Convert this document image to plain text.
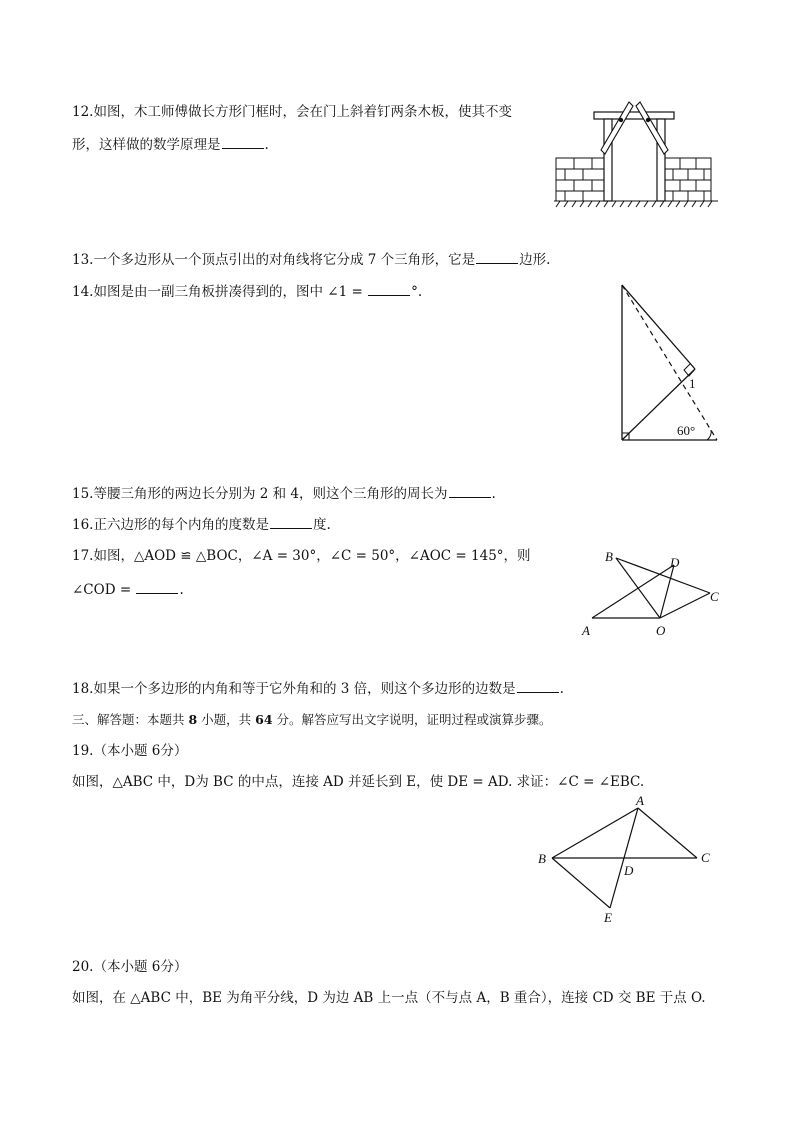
12.如图，木工师傅做长方形门框时，会在门上斜着钉两条木板，使其不变
形，这样做的数学原理是	.
13.一个多边形从一个顶点引出的对角线将它分成 7 个三角形，它是	边形.
14.如图是由一副三角板拼凑得到的，图中 ∠1 =	°.
1
60°
15.等腰三角形的两边长分别为 2 和 4，则这个三角形的周长为	.
16.正六边形的每个内角的度数是	度.
17.如图，△AOD ≌ △BOC，∠A = 30°，∠C = 50°，∠AOC = 145°，则
∠COD =	.
A
B	D
C
O
18.如果一个多边形的内角和等于它外角和的 3 倍，则这个多边形的边数是	.
三、解答题：本题共 8 小题，共 64 分。解答应写出文字说明，证明过程或演算步骤。
19.（本小题 6分）
如图，△ABC 中，D为 BC 的中点，连接 AD 并延长到 E，使 DE = AD. 求证：∠C = ∠EBC.
A
B	C
D
E
20.（本小题 6分）
如图，在 △ABC 中，BE 为角平分线，D 为边 AB 上一点（不与点 A，B 重合），连接 CD 交 BE 于点 O.
